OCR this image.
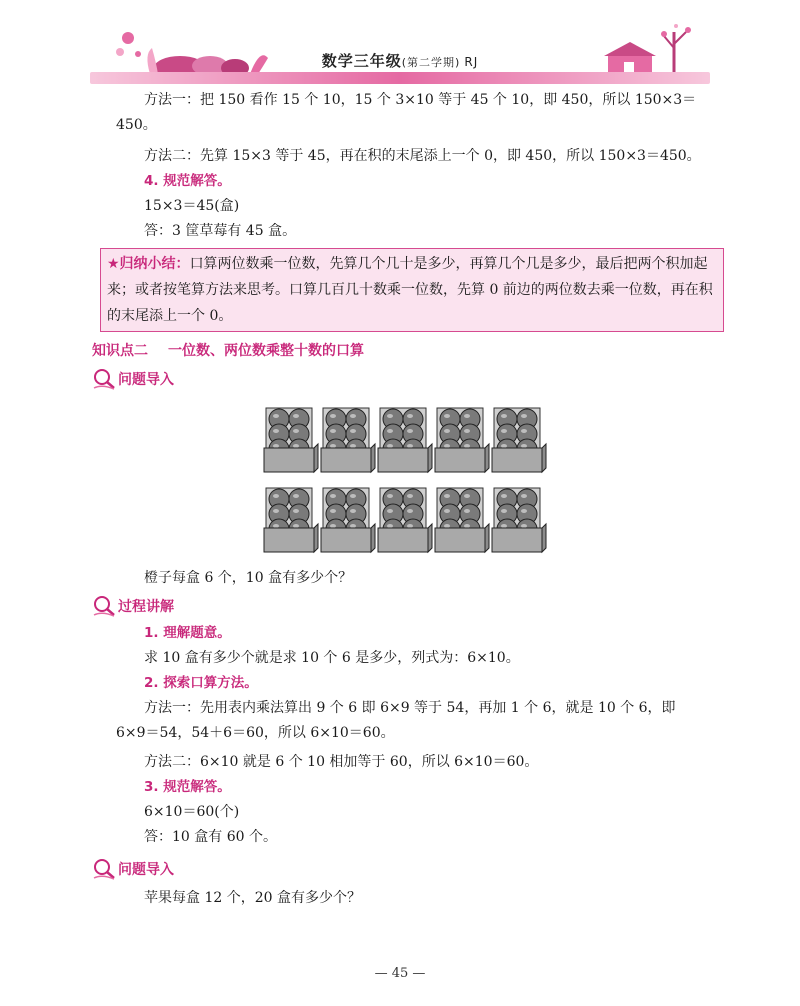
数学三年级(第二学期) RJ

方法一：把 150 看作 15 个 10，15 个 3×10 等于 45 个 10，即 450，所以 150×3＝450。

方法二：先算 15×3 等于 45，再在积的末尾添上一个 0，即 450，所以 150×3＝450。

4. 规范解答。

15×3＝45(盒)

答：3 筐草莓有 45 盒。

★归纳小结：口算两位数乘一位数，先算几个几十是多少，再算几个几是多少，最后把两个积加起来；或者按笔算方法来思考。口算几百几十数乘一位数，先算 0 前边的两位数去乘一位数，再在积的末尾添上一个 0。

知识点二 一位数、两位数乘整十数的口算
问题导入

橙子每盒 6 个，10 盒有多少个？

过程讲解

1. 理解题意。

求 10 盒有多少个就是求 10 个 6 是多少，列式为：6×10。

2. 探索口算方法。

方法一：先用表内乘法算出 9 个 6 即 6×9 等于 54，再加 1 个 6，就是 10 个 6，即 6×9＝54，54＋6＝60，所以 6×10＝60。

方法二：6×10 就是 6 个 10 相加等于 60，所以 6×10＝60。

3. 规范解答。

6×10＝60(个)

答：10 盒有 60 个。

问题导入

苹果每盒 12 个，20 盒有多少个？

— 45 —
